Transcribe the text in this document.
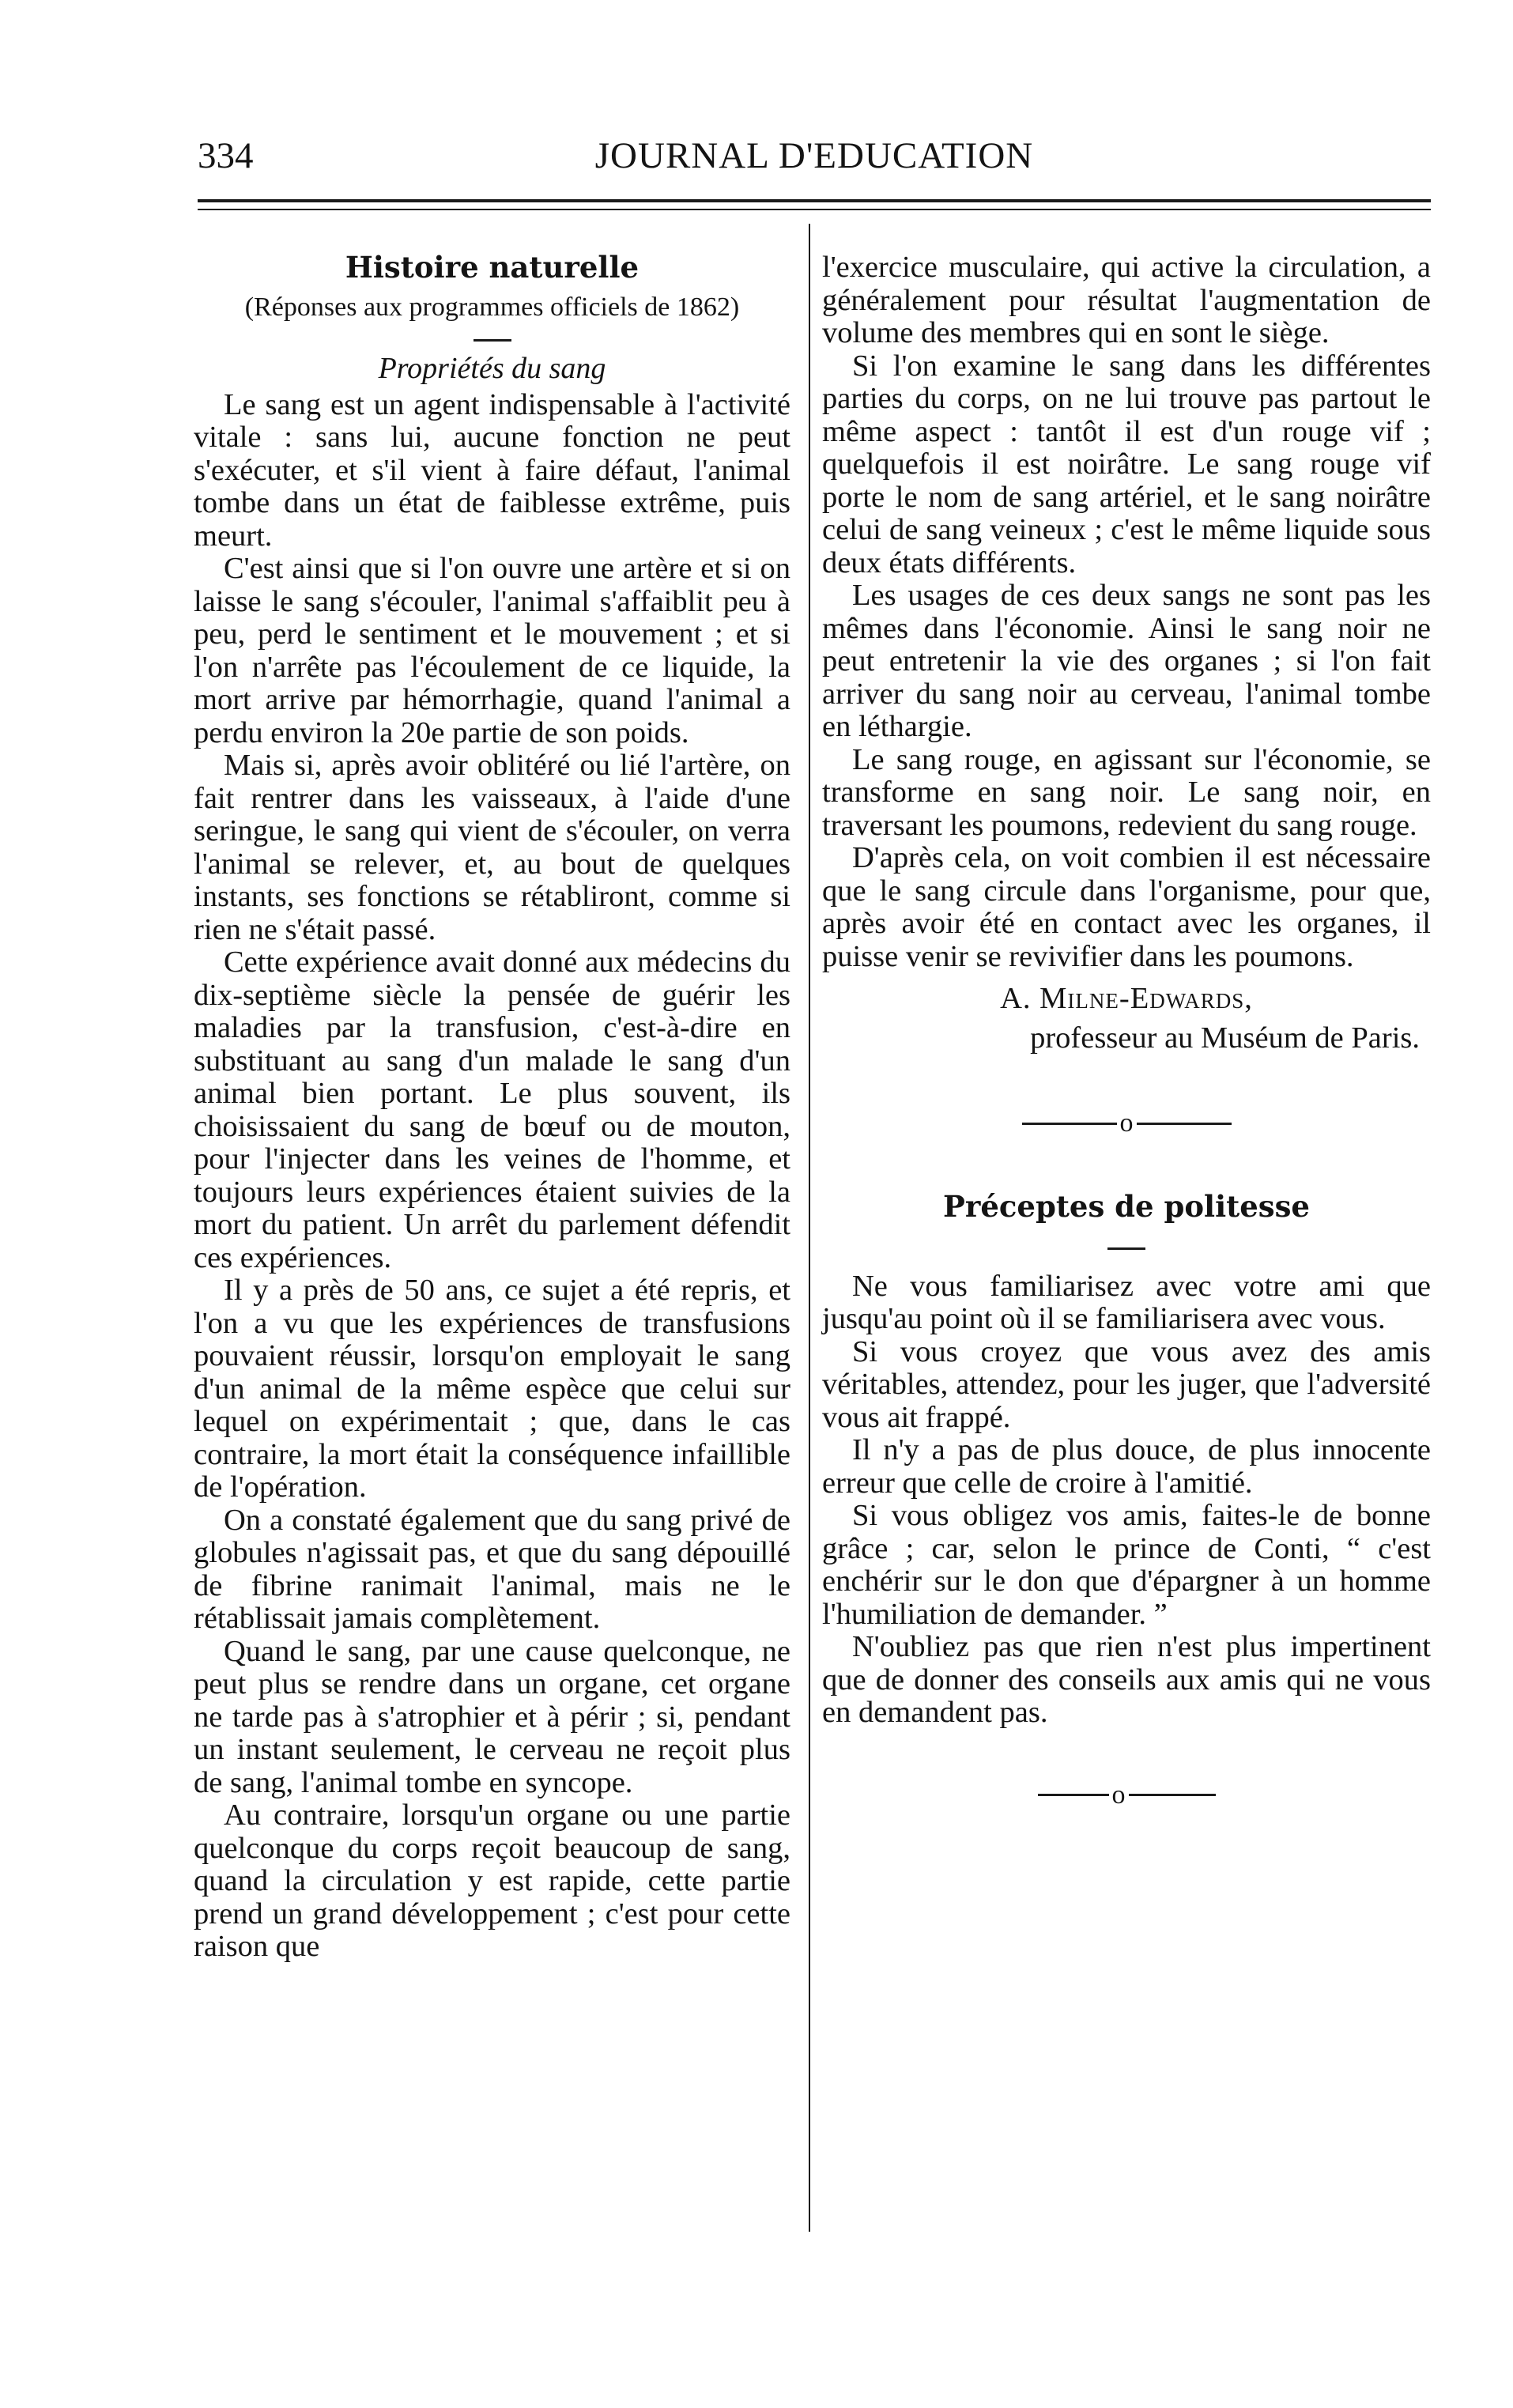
334	JOURNAL D'EDUCATION
Histoire naturelle
(Réponses aux programmes officiels de 1862)
Propriétés du sang

Le sang est un agent indispensable à l'activité vitale : sans lui, aucune fonction ne peut s'exécuter, et s'il vient à faire défaut, l'animal tombe dans un état de faiblesse extrême, puis meurt.

C'est ainsi que si l'on ouvre une artère et si on laisse le sang s'écouler, l'animal s'affaiblit peu à peu, perd le sentiment et le mouvement ; et si l'on n'arrête pas l'écoulement de ce liquide, la mort arrive par hémorrhagie, quand l'animal a perdu environ la 20e partie de son poids.

Mais si, après avoir oblitéré ou lié l'artère, on fait rentrer dans les vaisseaux, à l'aide d'une seringue, le sang qui vient de s'écouler, on verra l'animal se relever, et, au bout de quelques instants, ses fonctions se rétabliront, comme si rien ne s'était passé.

Cette expérience avait donné aux médecins du dix-septième siècle la pensée de guérir les maladies par la transfusion, c'est-à-dire en substituant au sang d'un malade le sang d'un animal bien portant. Le plus souvent, ils choisissaient du sang de bœuf ou de mouton, pour l'injecter dans les veines de l'homme, et toujours leurs expériences étaient suivies de la mort du patient. Un arrêt du parlement défendit ces expériences.

Il y a près de 50 ans, ce sujet a été repris, et l'on a vu que les expériences de transfusions pouvaient réussir, lorsqu'on employait le sang d'un animal de la même espèce que celui sur lequel on expérimentait ; que, dans le cas contraire, la mort était la conséquence infaillible de l'opération.

On a constaté également que du sang privé de globules n'agissait pas, et que du sang dépouillé de fibrine ranimait l'animal, mais ne le rétablissait jamais complètement.

Quand le sang, par une cause quelconque, ne peut plus se rendre dans un organe, cet organe ne tarde pas à s'atrophier et à périr ; si, pendant un instant seulement, le cerveau ne reçoit plus de sang, l'animal tombe en syncope.

Au contraire, lorsqu'un organe ou une partie quelconque du corps reçoit beaucoup de sang, quand la circulation y est rapide, cette partie prend un grand développement ; c'est pour cette raison que

l'exercice musculaire, qui active la circulation, a généralement pour résultat l'augmentation de volume des membres qui en sont le siège.

Si l'on examine le sang dans les différentes parties du corps, on ne lui trouve pas partout le même aspect : tantôt il est d'un rouge vif ; quelquefois il est noirâtre. Le sang rouge vif porte le nom de sang artériel, et le sang noirâtre celui de sang veineux ; c'est le même liquide sous deux états différents.

Les usages de ces deux sangs ne sont pas les mêmes dans l'économie. Ainsi le sang noir ne peut entretenir la vie des organes ; si l'on fait arriver du sang noir au cerveau, l'animal tombe en léthargie.

Le sang rouge, en agissant sur l'économie, se transforme en sang noir. Le sang noir, en traversant les poumons, redevient du sang rouge.

D'après cela, on voit combien il est nécessaire que le sang circule dans l'organisme, pour que, après avoir été en contact avec les organes, il puisse venir se revivifier dans les poumons.

A. Milne-Edwards,
professeur au Muséum de Paris.
o
Préceptes de politesse

Ne vous familiarisez avec votre ami que jusqu'au point où il se familiarisera avec vous.

Si vous croyez que vous avez des amis véritables, attendez, pour les juger, que l'adversité vous ait frappé.

Il n'y a pas de plus douce, de plus innocente erreur que celle de croire à l'amitié.

Si vous obligez vos amis, faites-le de bonne grâce ; car, selon le prince de Conti, “ c'est enchérir sur le don que d'épargner à un homme l'humiliation de demander. ”

N'oubliez pas que rien n'est plus impertinent que de donner des conseils aux amis qui ne vous en demandent pas.

o
